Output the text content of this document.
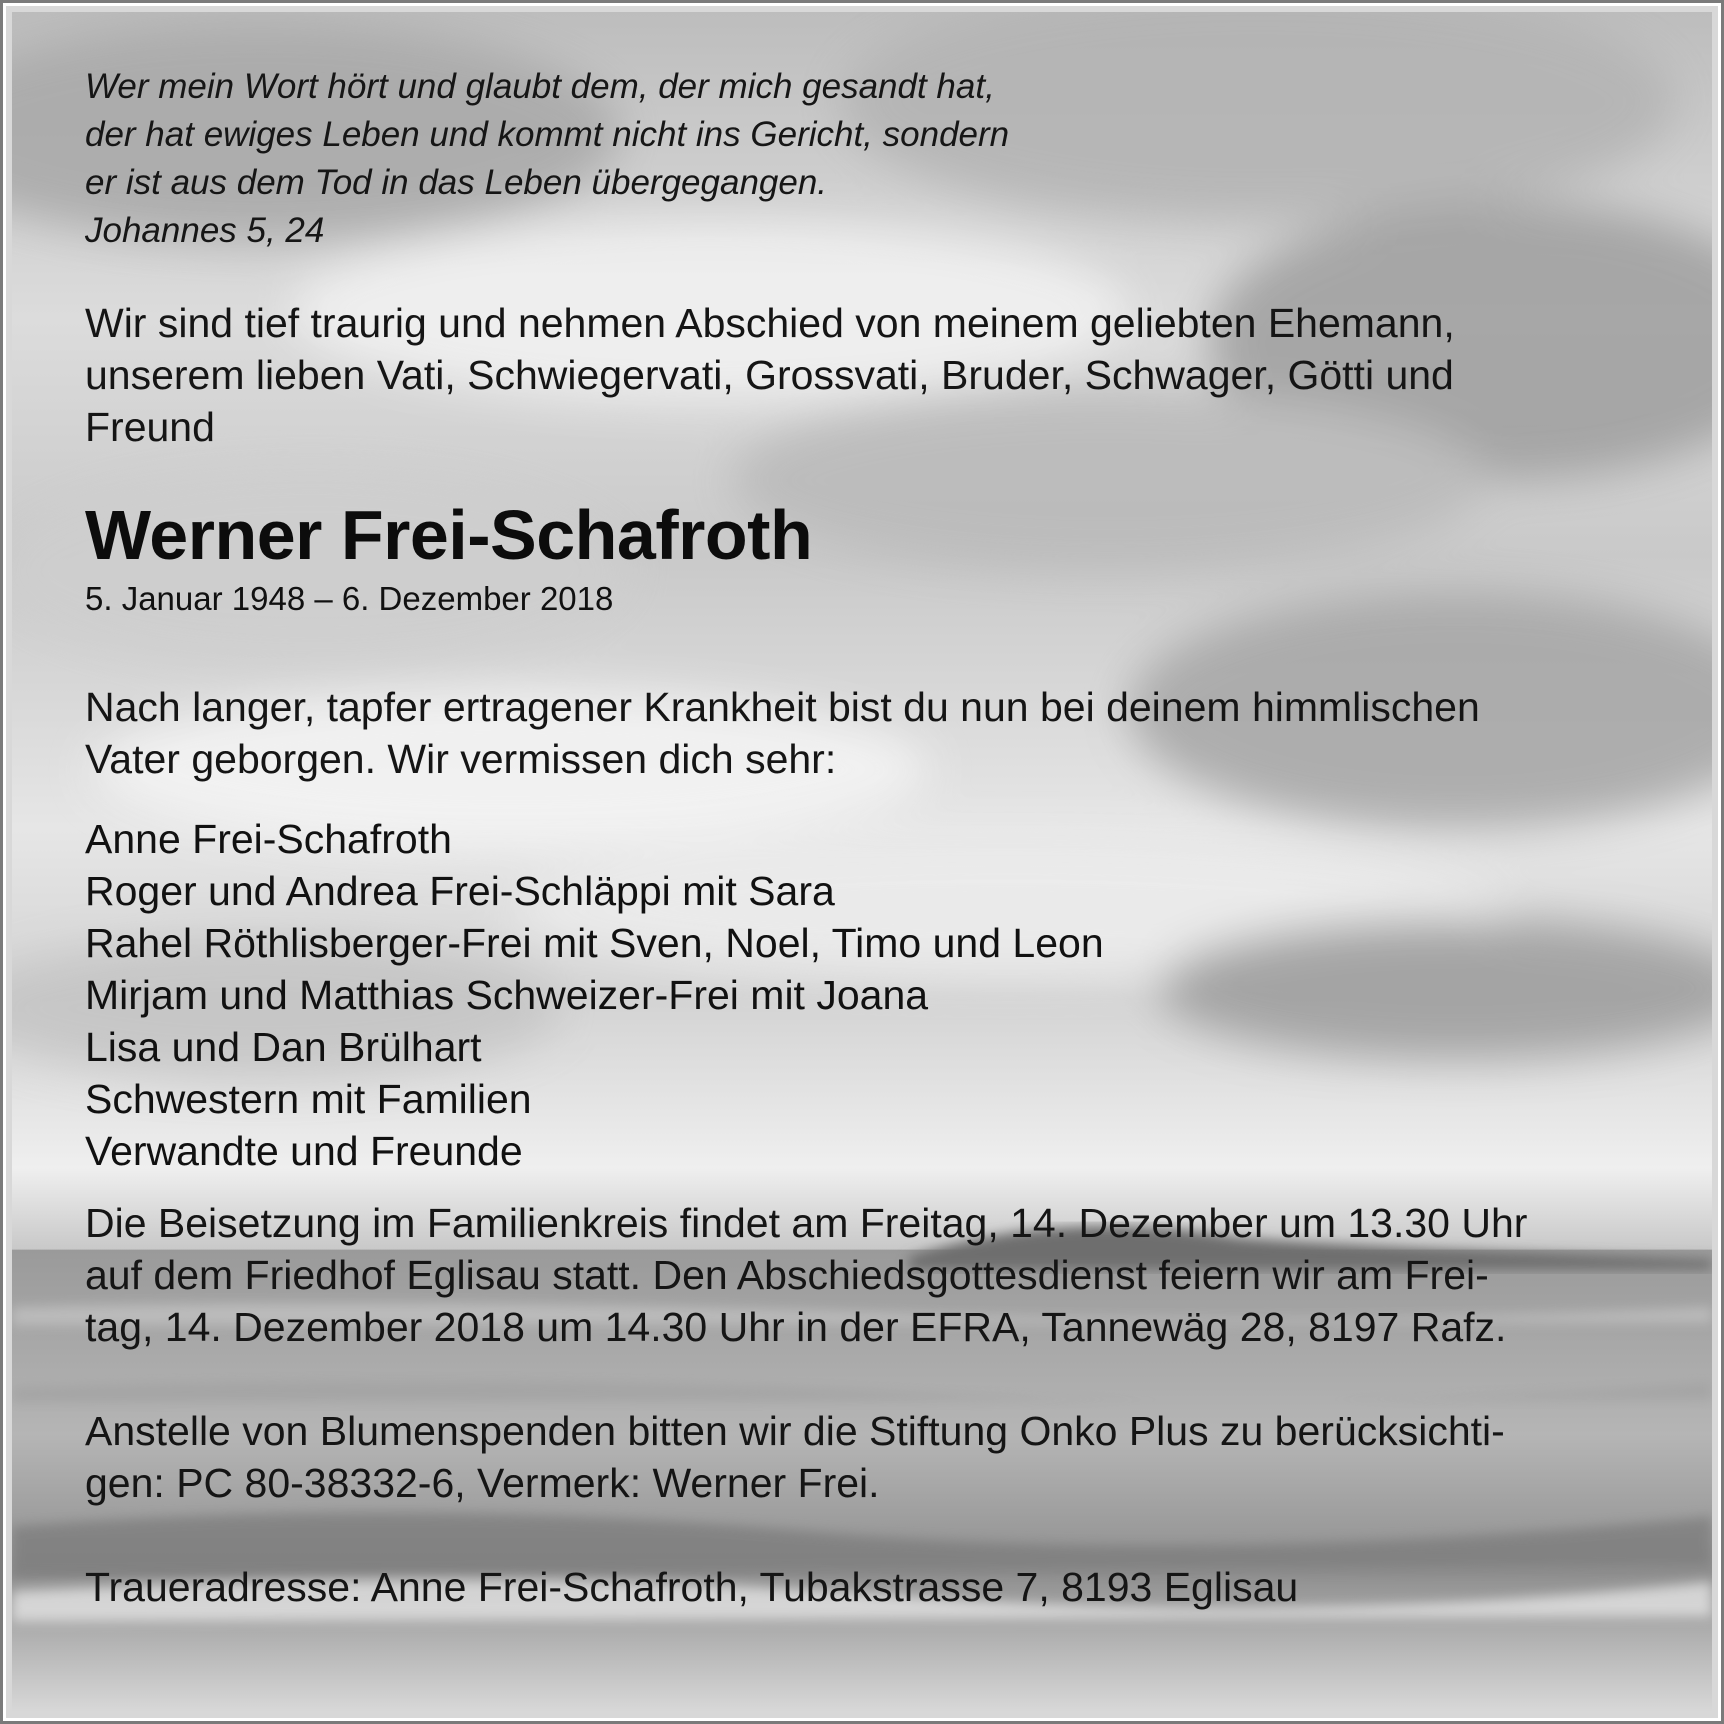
Wer mein Wort hört und glaubt dem, der mich gesandt hat,
der hat ewiges Leben und kommt nicht ins Gericht, sondern
er ist aus dem Tod in das Leben übergegangen.
Johannes 5, 24
Wir sind tief traurig und nehmen Abschied von meinem geliebten Ehemann,
unserem lieben Vati, Schwiegervati, Grossvati, Bruder, Schwager, Götti und
Freund
Werner Frei-Schafroth
5. Januar 1948 – 6. Dezember 2018
Nach langer, tapfer ertragener Krankheit bist du nun bei deinem himmlischen
Vater geborgen. Wir vermissen dich sehr:
Anne Frei-Schafroth
Roger und Andrea Frei-Schläppi mit Sara
Rahel Röthlisberger-Frei mit Sven, Noel, Timo und Leon
Mirjam und Matthias Schweizer-Frei mit Joana
Lisa und Dan Brülhart
Schwestern mit Familien
Verwandte und Freunde
Die Beisetzung im Familienkreis findet am Freitag, 14. Dezember um 13.30 Uhr
auf dem Friedhof Eglisau statt. Den Abschiedsgottesdienst feiern wir am Frei-
tag, 14. Dezember 2018 um 14.30 Uhr in der EFRA, Tannewäg 28, 8197 Rafz.
Anstelle von Blumenspenden bitten wir die Stiftung Onko Plus zu berücksichti-
gen: PC 80-38332-6, Vermerk: Werner Frei.
Traueradresse: Anne Frei-Schafroth, Tubakstrasse 7, 8193 Eglisau
